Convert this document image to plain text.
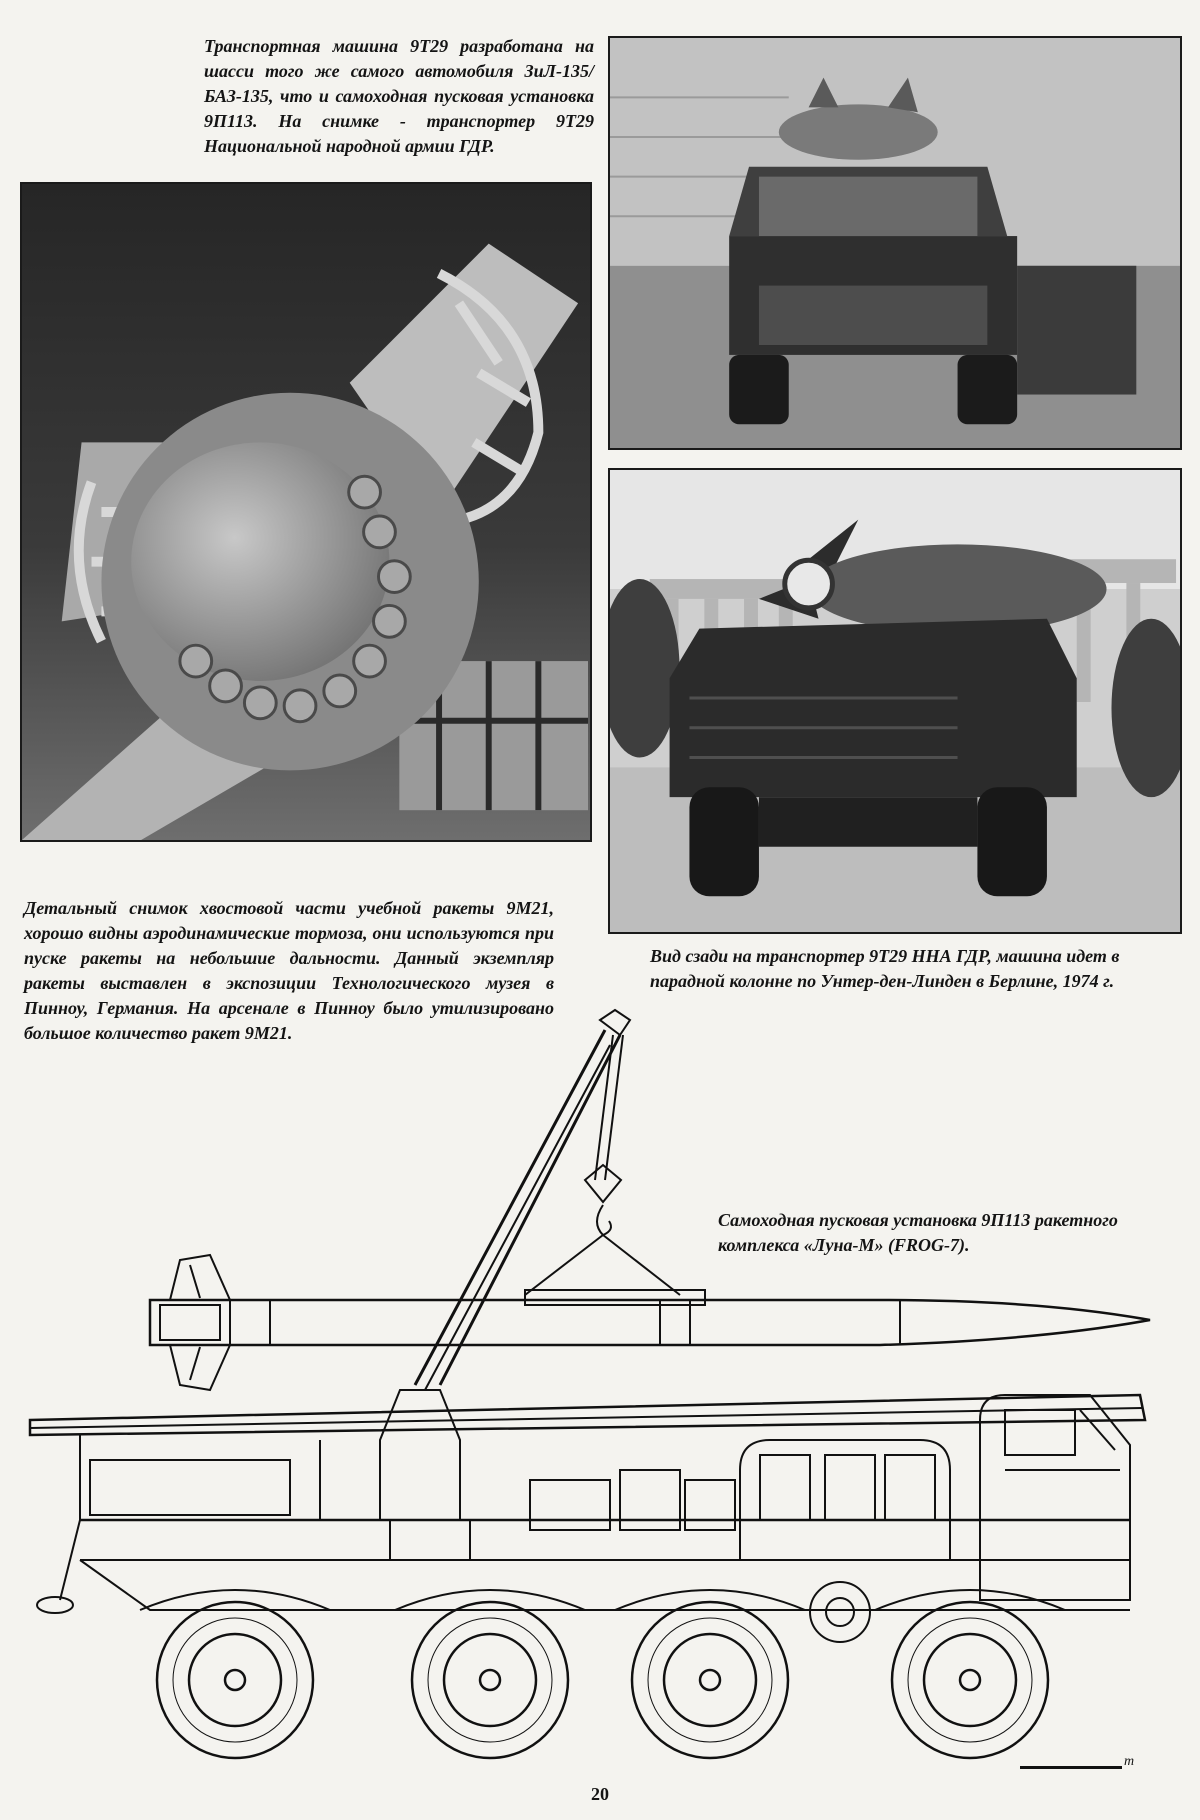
Транспортная машина 9Т29 разработана на шасси того же самого автомобиля ЗиЛ-135/ БАЗ-135, что и самоходная пусковая установка 9П113. На снимке - транспортер 9Т29 Национальной народной армии ГДР.

Детальный снимок хвостовой части учебной ракеты 9М21, хорошо видны аэродинамические тормоза, они используются при пуске ракеты на небольшие дальности. Данный экземпляр ракеты выставлен в экспозиции Технологического музея в Пинноу, Германия. На арсенале в Пинноу было утилизировано большое количество ракет 9М21.

Вид сзади на транспортер 9Т29 ННА ГДР, машина идет в парадной колонне по Унтер-ден-Линден в Берлине, 1974 г.

Самоходная пусковая установка 9П113 ракетного комплекса «Луна-М» (FROG-7).

m
20
